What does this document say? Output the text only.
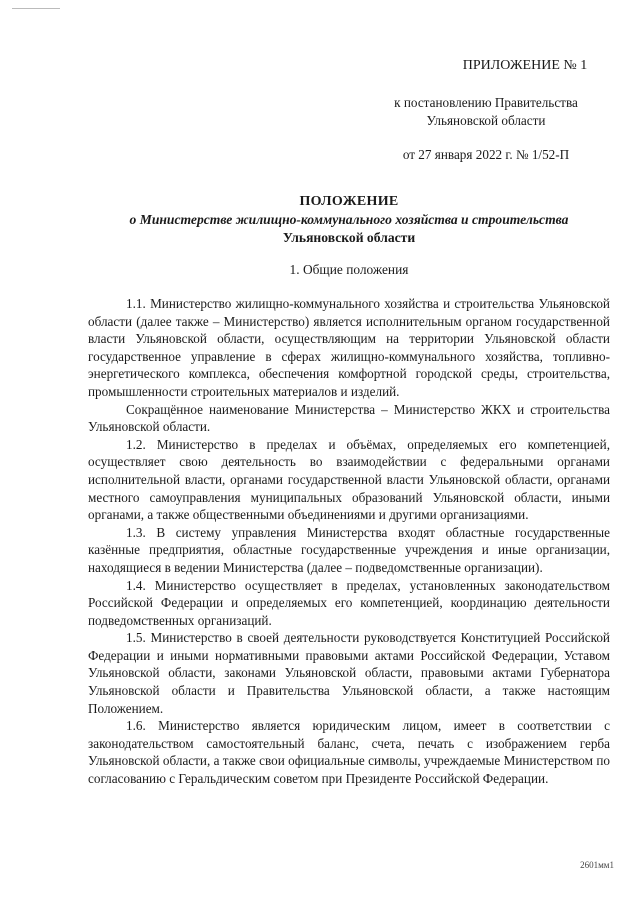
ПРИЛОЖЕНИЕ № 1
к постановлению Правительства
Ульяновской области
от 27 января 2022 г. № 1/52-П
ПОЛОЖЕНИЕ
о Министерстве жилищно-коммунального хозяйства и строительства
Ульяновской области
1. Общие положения

1.1. Министерство жилищно-коммунального хозяйства и строительства Ульяновской области (далее также – Министерство) является исполнительным органом государственной власти Ульяновской области, осуществляющим на территории Ульяновской области государственное управление в сферах жилищно-коммунального хозяйства, топливно-энергетического комплекса, обеспечения комфортной городской среды, строительства, промышленности строительных материалов и изделий.

Сокращённое наименование Министерства – Министерство ЖКХ и строительства Ульяновской области.

1.2. Министерство в пределах и объёмах, определяемых его компетенцией, осуществляет свою деятельность во взаимодействии с федеральными органами исполнительной власти, органами государственной власти Ульяновской области, органами местного самоуправления муниципальных образований Ульяновской области, иными органами, а также общественными объединениями и другими организациями.

1.3. В систему управления Министерства входят областные государственные казённые предприятия, областные государственные учреждения и иные организации, находящиеся в ведении Министерства (далее – подведомственные организации).

1.4. Министерство осуществляет в пределах, установленных законодательством Российской Федерации и определяемых его компетенцией, координацию деятельности подведомственных организаций.

1.5. Министерство в своей деятельности руководствуется Конституцией Российской Федерации и иными нормативными правовыми актами Российской Федерации, Уставом Ульяновской области, законами Ульяновской области, правовыми актами Губернатора Ульяновской области и Правительства Ульяновской области, а также настоящим Положением.

1.6. Министерство является юридическим лицом, имеет в соответствии с законодательством самостоятельный баланс, счета, печать с изображением герба Ульяновской области, а также свои официальные символы, учреждаемые Министерством по согласованию с Геральдическим советом при Президенте Российской Федерации.

2601мм1
